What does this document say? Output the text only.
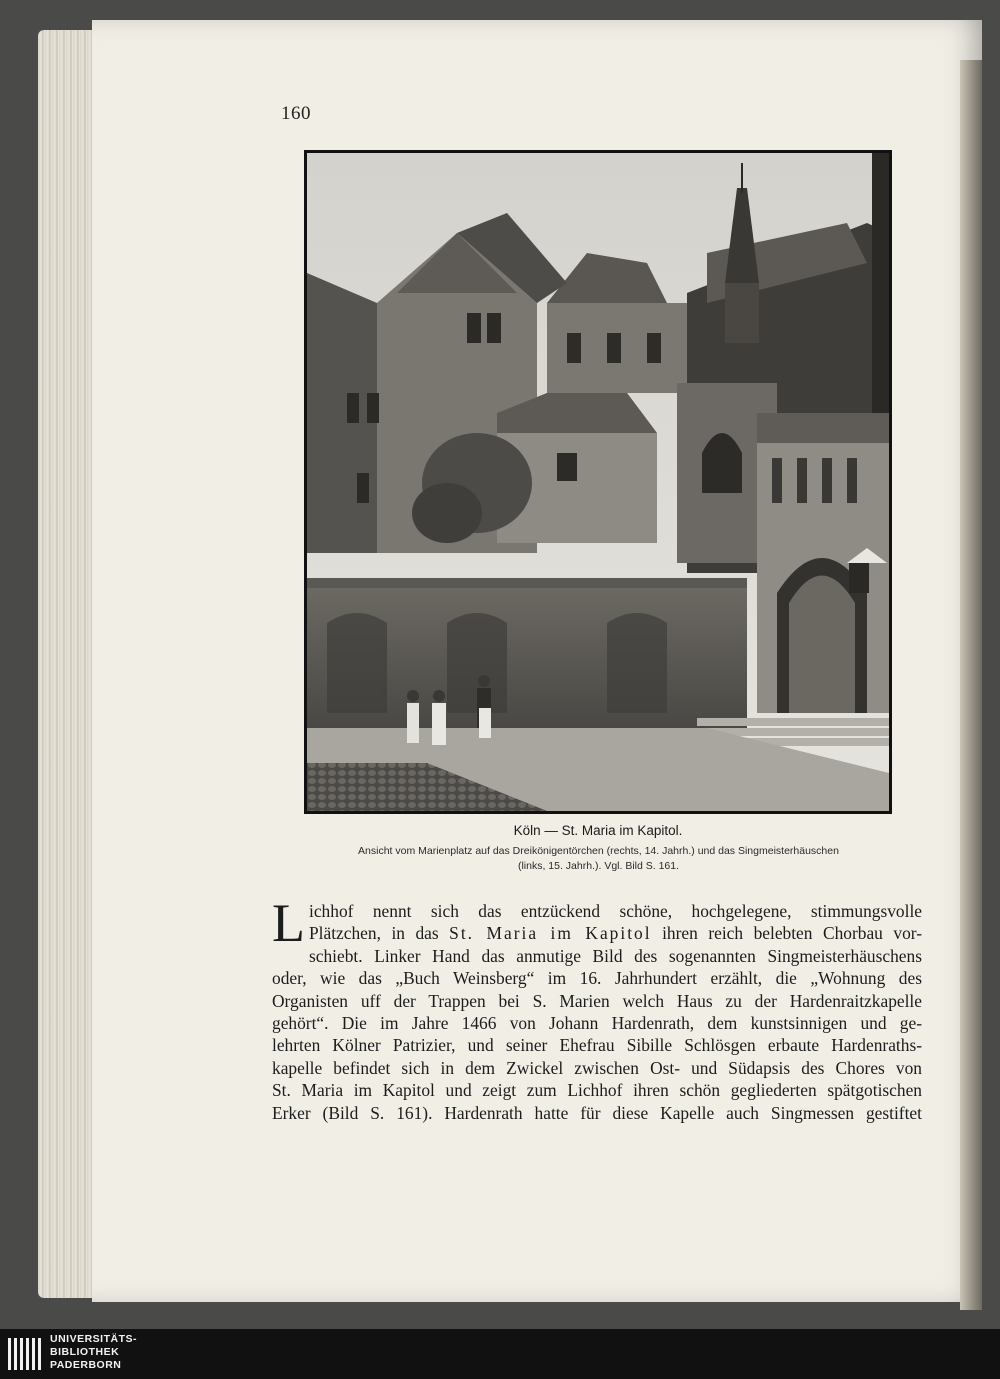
160
Köln — St. Maria im Kapitol.
Ansicht vom Marienplatz auf das Dreikönigentörchen (rechts, 14. Jahrh.) und das Singmeisterhäuschen
(links, 15. Jahrh.). Vgl. Bild S. 161.
L ichhof nennt sich das entzückend schöne, hochgelegene, stimmungsvolle
Plätzchen, in das St. Maria im Kapitol ihren reich belebten Chorbau vor-
schiebt. Linker Hand das anmutige Bild des sogenannten Singmeisterhäuschens
oder, wie das „Buch Weinsberg“ im 16. Jahrhundert erzählt, die „Wohnung des
Organisten uff der Trappen bei S. Marien welch Haus zu der Hardenraitzkapelle
gehört“. Die im Jahre 1466 von Johann Hardenrath, dem kunstsinnigen und ge-
lehrten Kölner Patrizier, und seiner Ehefrau Sibille Schlösgen erbaute Hardenraths-
kapelle befindet sich in dem Zwickel zwischen Ost- und Südapsis des Chores von
St. Maria im Kapitol und zeigt zum Lichhof ihren schön gegliederten spätgotischen
Erker (Bild S. 161). Hardenrath hatte für diese Kapelle auch Singmessen gestiftet
UNIVERSITÄTS-
BIBLIOTHEK
PADERBORN
